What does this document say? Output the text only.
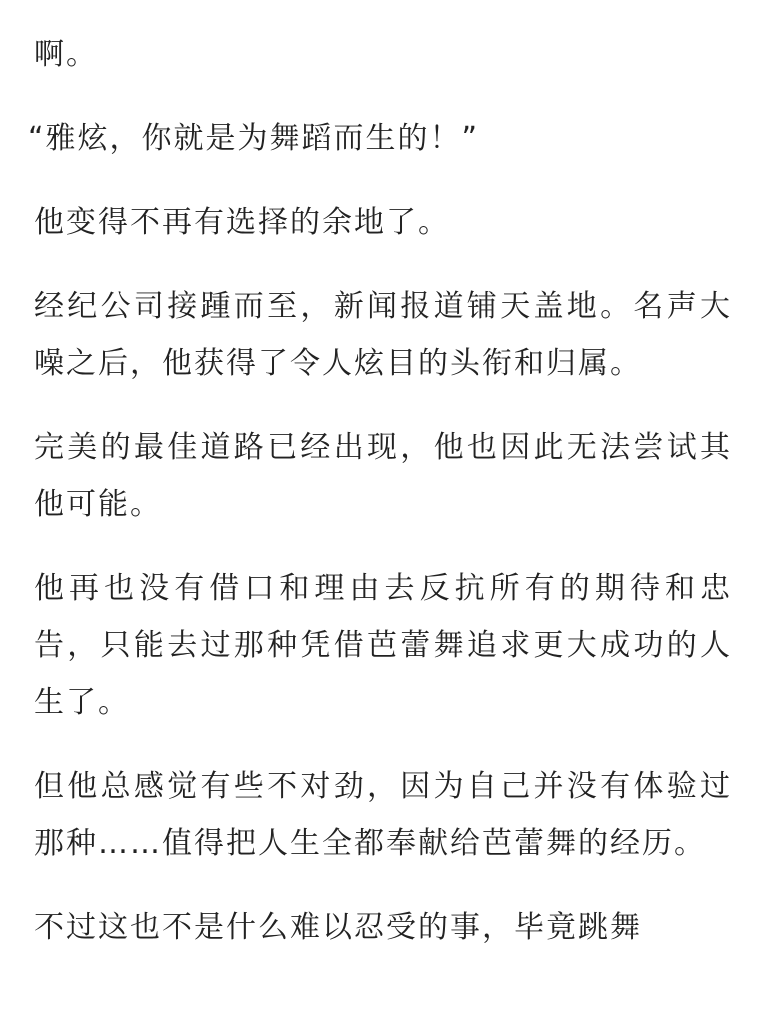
啊。

“雅炫，你就是为舞蹈而生的！”

他变得不再有选择的余地了。

经纪公司接踵而至，新闻报道铺天盖地。名声大噪之后，他获得了令人炫目的头衔和归属。

完美的最佳道路已经出现，他也因此无法尝试其他可能。

他再也没有借口和理由去反抗所有的期待和忠告，只能去过那种凭借芭蕾舞追求更大成功的人生了。

但他总感觉有些不对劲，因为自己并没有体验过那种……值得把人生全都奉献给芭蕾舞的经历。

不过这也不是什么难以忍受的事，毕竟跳舞
